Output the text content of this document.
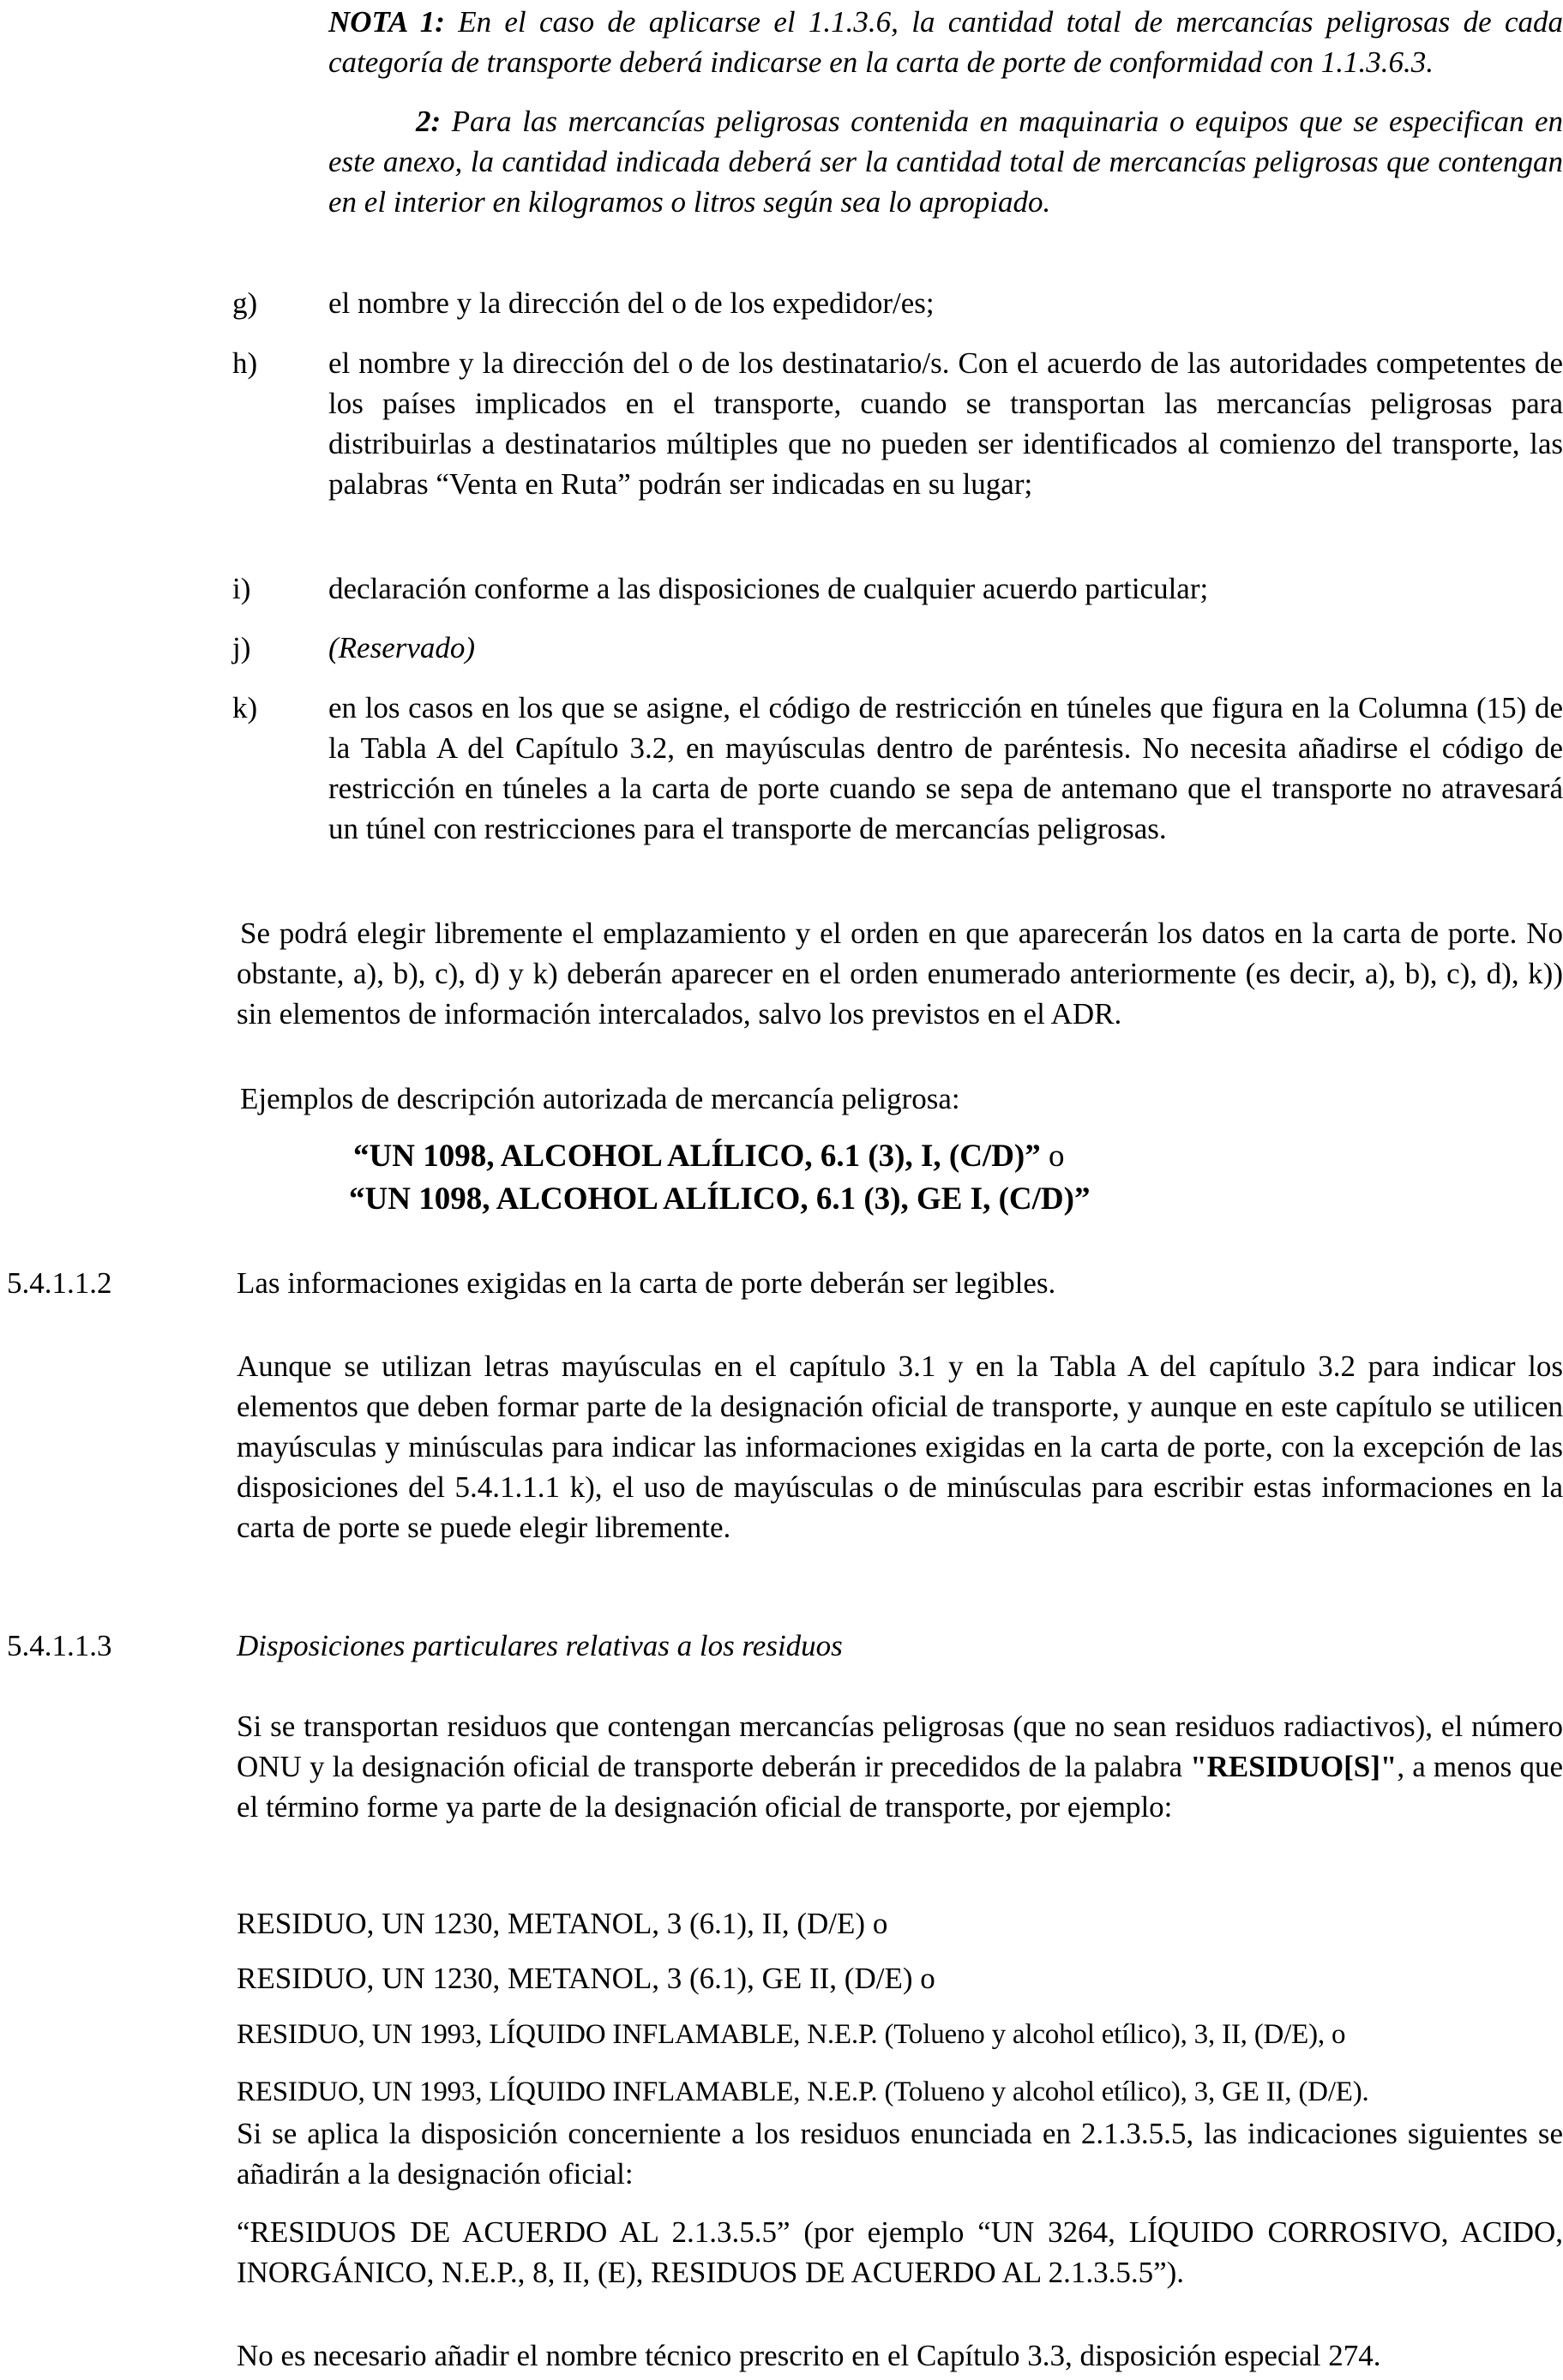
NOTA 1: En el caso de aplicarse el 1.1.3.6, la cantidad total de mercancías peligrosas de cada categoría de transporte deberá indicarse en la carta de porte de conformidad con 1.1.3.6.3.

2: Para las mercancías peligrosas contenida en maquinaria o equipos que se especifican en este anexo, la cantidad indicada deberá ser la cantidad total de mercancías peligrosas que contengan en el interior en kilogramos o litros según sea lo apropiado.

g) el nombre y la dirección del o de los expedidor/es;

h) el nombre y la dirección del o de los destinatario/s. Con el acuerdo de las autoridades competentes de los países implicados en el transporte, cuando se transportan las mercancías peligrosas para distribuirlas a destinatarios múltiples que no pueden ser identificados al comienzo del transporte, las palabras “Venta en Ruta” podrán ser indicadas en su lugar;

i)	declaración conforme a las disposiciones de cualquier acuerdo particular;

j)	(Reservado)

k) en los casos en los que se asigne, el código de restricción en túneles que figura en la Columna (15) de la Tabla A del Capítulo 3.2, en mayúsculas dentro de paréntesis. No necesita añadirse el código de restricción en túneles a la carta de porte cuando se sepa de antemano que el transporte no atravesará un túnel con restricciones para el transporte de mercancías peligrosas.

Se podrá elegir libremente el emplazamiento y el orden en que aparecerán los datos en la carta de porte. No obstante, a), b), c), d) y k) deberán aparecer en el orden enumerado anteriormente (es decir, a), b), c), d), k)) sin elementos de información intercalados, salvo los previstos en el ADR.

Ejemplos de descripción autorizada de mercancía peligrosa:

“UN 1098, ALCOHOL ALÍLICO, 6.1 (3), I, (C/D)” o

“UN 1098, ALCOHOL ALÍLICO, 6.1 (3), GE I, (C/D)”

5.4.1.1.2	Las informaciones exigidas en la carta de porte deberán ser legibles.

Aunque se utilizan letras mayúsculas en el capítulo 3.1 y en la Tabla A del capítulo 3.2 para indicar los elementos que deben formar parte de la designación oficial de transporte, y aunque en este capítulo se utilicen mayúsculas y minúsculas para indicar las informaciones exigidas en la carta de porte, con la excepción de las disposiciones del 5.4.1.1.1 k), el uso de mayúsculas o de minúsculas para escribir estas informaciones en la carta de porte se puede elegir libremente.

5.4.1.1.3	Disposiciones particulares relativas a los residuos

Si se transportan residuos que contengan mercancías peligrosas (que no sean residuos radiactivos), el número ONU y la designación oficial de transporte deberán ir precedidos de la palabra "RESIDUO[S]", a menos que el término forme ya parte de la designación oficial de transporte, por ejemplo:

RESIDUO, UN 1230, METANOL, 3 (6.1), II, (D/E) o

RESIDUO, UN 1230, METANOL, 3 (6.1), GE II, (D/E) o

RESIDUO, UN 1993, LÍQUIDO INFLAMABLE, N.E.P. (Tolueno y alcohol etílico), 3, II, (D/E), o

RESIDUO, UN 1993, LÍQUIDO INFLAMABLE, N.E.P. (Tolueno y alcohol etílico), 3, GE II, (D/E).

Si se aplica la disposición concerniente a los residuos enunciada en 2.1.3.5.5, las indicaciones siguientes se añadirán a la designación oficial:

“RESIDUOS DE ACUERDO AL 2.1.3.5.5” (por ejemplo “UN 3264, LÍQUIDO CORROSIVO, ACIDO, INORGÁNICO, N.E.P., 8, II, (E), RESIDUOS DE ACUERDO AL 2.1.3.5.5”).

No es necesario añadir el nombre técnico prescrito en el Capítulo 3.3, disposición especial 274.
